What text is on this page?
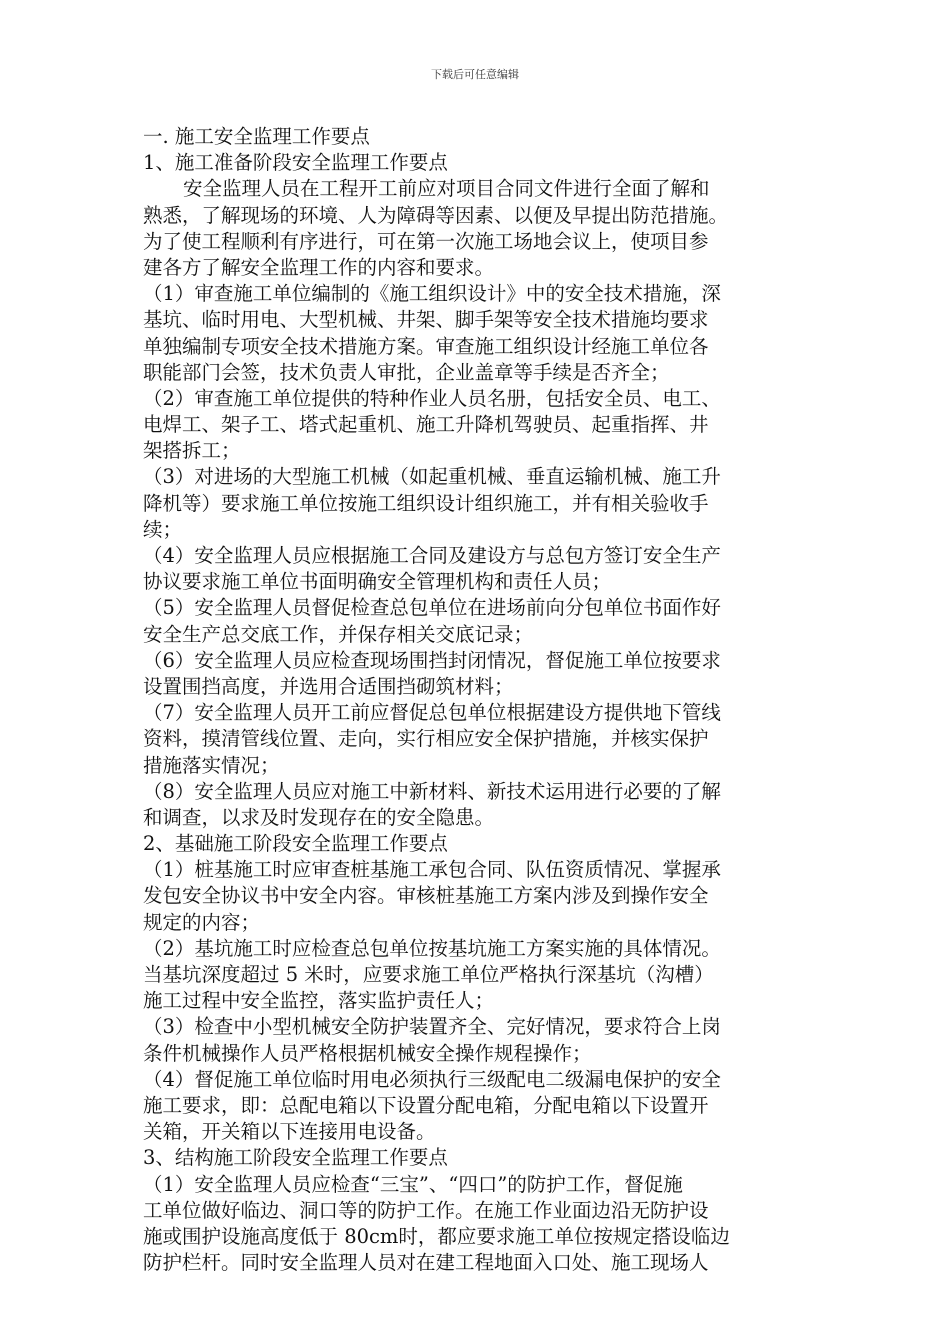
下载后可任意编辑
一. 施工安全监理工作要点
1、施工准备阶段安全监理工作要点
安全监理人员在工程开工前应对项目合同文件进行全面了解和
熟悉，了解现场的环境、人为障碍等因素、以便及早提出防范措施。
为了使工程顺利有序进行，可在第一次施工场地会议上，使项目参
建各方了解安全监理工作的内容和要求。
（1）审查施工单位编制的《施工组织设计》中的安全技术措施，深
基坑、临时用电、大型机械、井架、脚手架等安全技术措施均要求
单独编制专项安全技术措施方案。审查施工组织设计经施工单位各
职能部门会签，技术负责人审批，企业盖章等手续是否齐全；
（2）审查施工单位提供的特种作业人员名册，包括安全员、电工、
电焊工、架子工、塔式起重机、施工升降机驾驶员、起重指挥、井
架搭拆工；
（3）对进场的大型施工机械（如起重机械、垂直运输机械、施工升
降机等）要求施工单位按施工组织设计组织施工，并有相关验收手
续；
（4）安全监理人员应根据施工合同及建设方与总包方签订安全生产
协议要求施工单位书面明确安全管理机构和责任人员；
（5）安全监理人员督促检查总包单位在进场前向分包单位书面作好
安全生产总交底工作，并保存相关交底记录；
（6）安全监理人员应检查现场围挡封闭情况，督促施工单位按要求
设置围挡高度，并选用合适围挡砌筑材料；
（7）安全监理人员开工前应督促总包单位根据建设方提供地下管线
资料，摸清管线位置、走向，实行相应安全保护措施，并核实保护
措施落实情况；
（8）安全监理人员应对施工中新材料、新技术运用进行必要的了解
和调查，以求及时发现存在的安全隐患。
2、基础施工阶段安全监理工作要点
（1）桩基施工时应审查桩基施工承包合同、队伍资质情况、掌握承
发包安全协议书中安全内容。审核桩基施工方案内涉及到操作安全
规定的内容；
（2）基坑施工时应检查总包单位按基坑施工方案实施的具体情况。
当基坑深度超过 5 米时，应要求施工单位严格执行深基坑（沟槽）
施工过程中安全监控，落实监护责任人；
（3）检查中小型机械安全防护装置齐全、完好情况，要求符合上岗
条件机械操作人员严格根据机械安全操作规程操作；
（4）督促施工单位临时用电必须执行三级配电二级漏电保护的安全
施工要求，即：总配电箱以下设置分配电箱，分配电箱以下设置开
关箱，开关箱以下连接用电设备。
3、结构施工阶段安全监理工作要点
（1）安全监理人员应检查“三宝”、“四口”的防护工作，督促施
工单位做好临边、洞口等的防护工作。在施工作业面边沿无防护设
施或围护设施高度低于 80cm时，都应要求施工单位按规定搭设临边
防护栏杆。同时安全监理人员对在建工程地面入口处、施工现场人
